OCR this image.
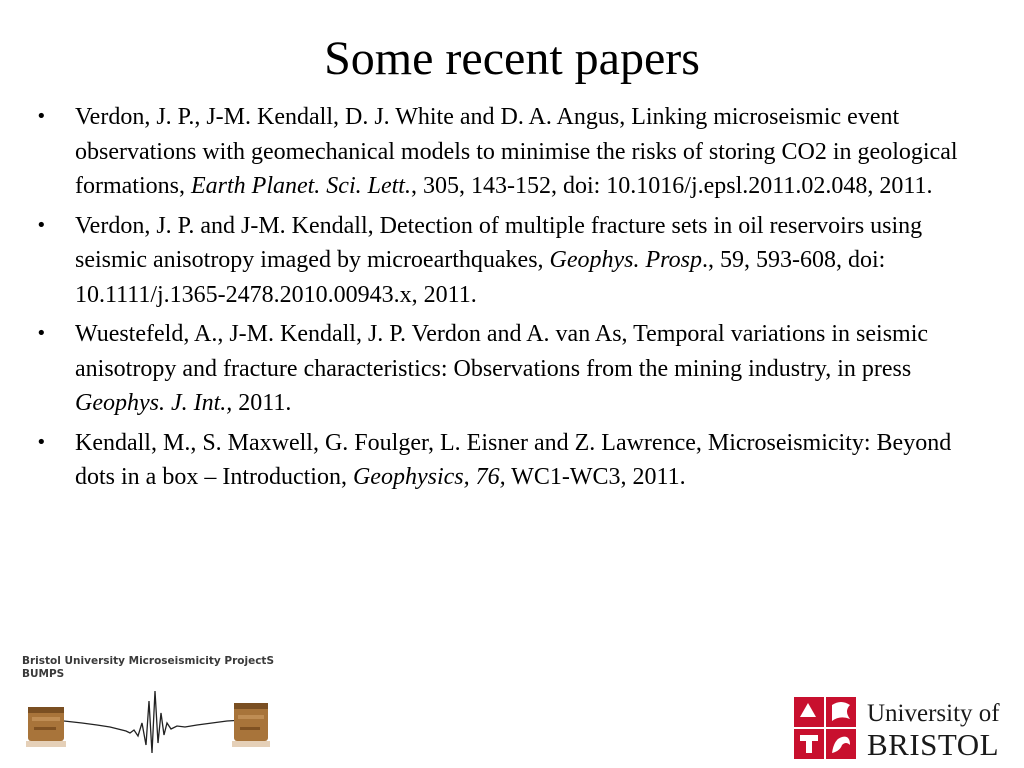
Some recent papers
• Verdon, J. P., J-M. Kendall, D. J. White and D. A. Angus, Linking microseismic event observations with geomechanical models to minimise the risks of storing CO2 in geological formations, Earth Planet. Sci. Lett., 305, 143-152, doi: 10.1016/j.epsl.2011.02.048, 2011.
• Verdon, J. P. and J-M. Kendall, Detection of multiple fracture sets in oil reservoirs using seismic anisotropy imaged by microearthquakes, Geophys. Prosp., 59, 593-608, doi: 10.1111/j.1365-2478.2010.00943.x, 2011.
• Wuestefeld, A., J-M. Kendall, J. P. Verdon and A. van As, Temporal variations in seismic anisotropy and fracture characteristics: Observations from the mining industry, in press Geophys. J. Int., 2011.
• Kendall, M., S. Maxwell, G. Foulger, L. Eisner and Z. Lawrence, Microseismicity: Beyond dots in a box – Introduction, Geophysics, 76, WC1-WC3, 2011.
Bristol University Microseismicity ProjectS
BUMPS
University of
BRISTOL
